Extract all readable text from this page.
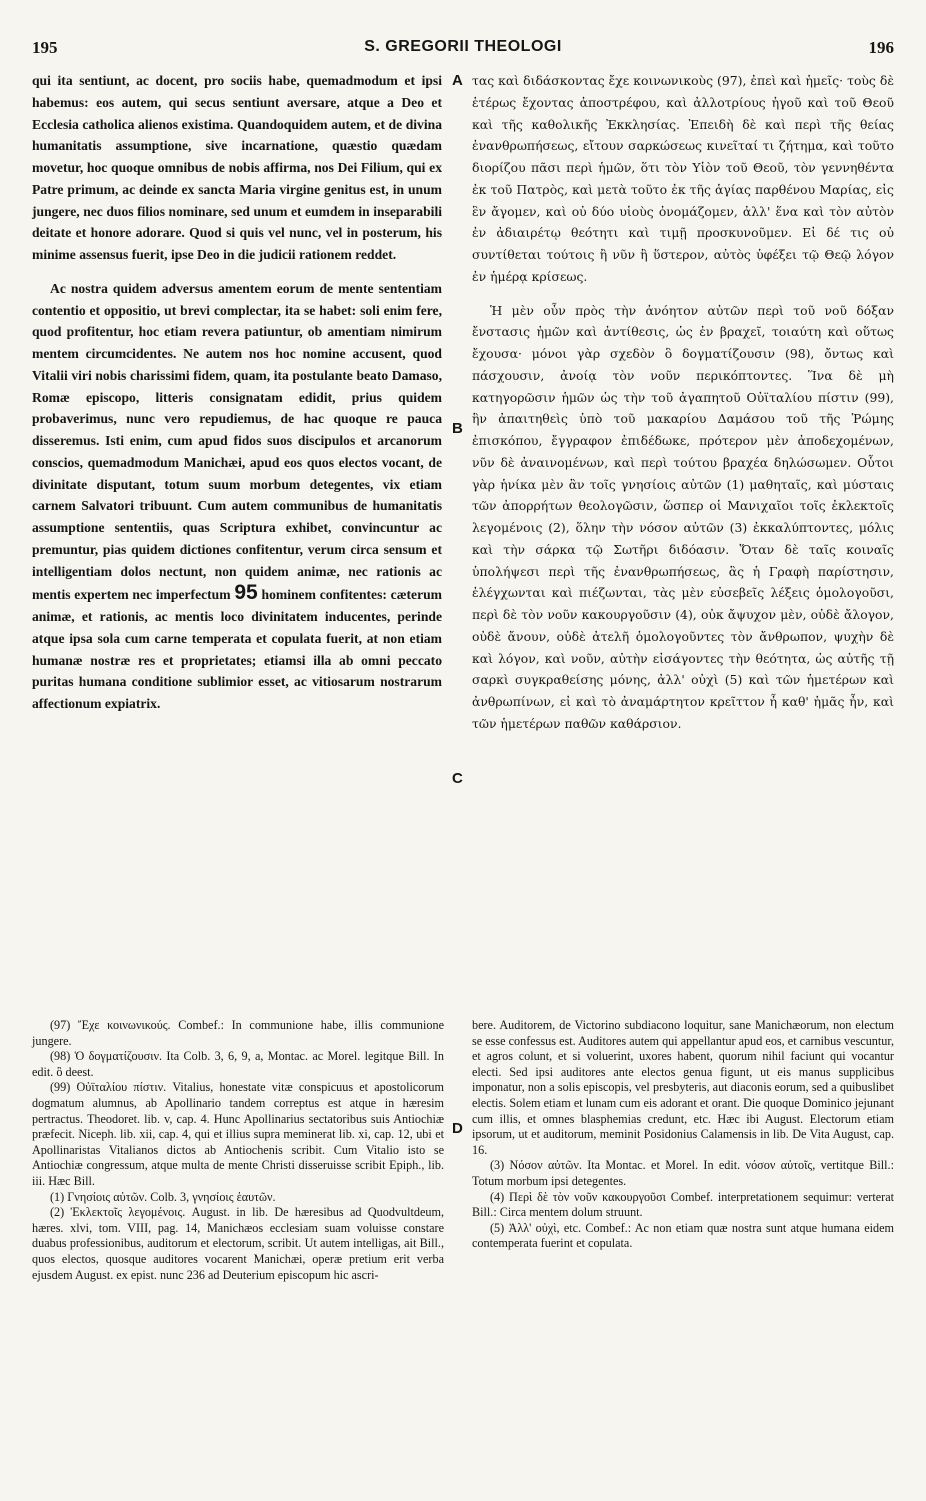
195	S. GREGORII THEOLOGI	196

qui ita sentiunt, ac docent, pro sociis habe, quemadmodum et ipsi habemus: eos autem, qui secus sentiunt aversare, atque a Deo et Ecclesia catholica alienos existima. Quandoquidem autem, et de divina humanitatis assumptione, sive incarnatione, quæstio quædam movetur, hoc quoque omnibus de nobis affirma, nos Dei Filium, qui ex Patre primum, ac deinde ex sancta Maria virgine genitus est, in unum jungere, nec duos filios nominare, sed unum et eumdem in inseparabili deitate et honore adorare. Quod si quis vel nunc, vel in posterum, his minime assensus fuerit, ipse Deo in die judicii rationem reddet.

Ac nostra quidem adversus amentem eorum de mente sententiam contentio et oppositio, ut brevi complectar, ita se habet: soli enim fere, quod profitentur, hoc etiam revera patiuntur, ob amentiam nimirum mentem circumcidentes. Ne autem nos hoc nomine accusent, quod Vitalii viri nobis charissimi fidem, quam, ita postulante beato Damaso, Romæ episcopo, litteris consignatam edidit, prius quidem probaverimus, nunc vero repudiemus, de hac quoque re pauca disseremus. Isti enim, cum apud fidos suos discipulos et arcanorum conscios, quemadmodum Manichæi, apud eos quos electos vocant, de divinitate disputant, totum suum morbum detegentes, vix etiam carnem Salvatori tribuunt. Cum autem communibus de humanitatis assumptione sententiis, quas Scriptura exhibet, convincuntur ac premuntur, pias quidem dictiones confitentur, verum circa sensum et intelligentiam dolos nectunt, non quidem animæ, nec rationis ac mentis expertem nec imperfectum 95 hominem confitentes: cæterum animæ, et rationis, ac mentis loco divinitatem inducentes, perinde atque ipsa sola cum carne temperata et copulata fuerit, at non etiam humanæ nostræ res et proprietates; etiamsi illa ab omni peccato puritas humana conditione sublimior esset, ac vitiosarum nostrarum affectionum expiatrix.

A
B
C
D

τας καὶ διδάσκοντας ἔχε κοινωνικοὺς (97), ἐπεὶ καὶ ἡμεῖς· τοὺς δὲ ἑτέρως ἔχοντας ἀποστρέφου, καὶ ἀλλοτρίους ἡγοῦ καὶ τοῦ Θεοῦ καὶ τῆς καθολικῆς Ἐκκλησίας. Ἐπειδὴ δὲ καὶ περὶ τῆς θείας ἐνανθρωπήσεως, εἴτουν σαρκώσεως κινεῖταί τι ζήτημα, καὶ τοῦτο διορίζου πᾶσι περὶ ἡμῶν, ὅτι τὸν Υἱὸν τοῦ Θεοῦ, τὸν γεννηθέντα ἐκ τοῦ Πατρὸς, καὶ μετὰ τοῦτο ἐκ τῆς ἁγίας παρθένου Μαρίας, εἰς ἓν ἄγομεν, καὶ οὐ δύο υἱοὺς ὀνομάζομεν, ἀλλ' ἕνα καὶ τὸν αὐτὸν ἐν ἀδιαιρέτῳ θεότητι καὶ τιμῇ προσκυνοῦμεν. Εἰ δέ τις οὐ συντίθεται τούτοις ἢ νῦν ἢ ὕστερον, αὐτὸς ὑφέξει τῷ Θεῷ λόγον ἐν ἡμέρᾳ κρίσεως.

Ἡ μὲν οὖν πρὸς τὴν ἀνόητον αὐτῶν περὶ τοῦ νοῦ δόξαν ἔνστασις ἡμῶν καὶ ἀντίθεσις, ὡς ἐν βραχεῖ, τοιαύτη καὶ οὕτως ἔχουσα· μόνοι γὰρ σχεδὸν ὃ δογματίζουσιν (98), ὄντως καὶ πάσχουσιν, ἀνοίᾳ τὸν νοῦν περικόπτοντες. Ἵνα δὲ μὴ κατηγορῶσιν ἡμῶν ὡς τὴν τοῦ ἀγαπητοῦ Οὐϊταλίου πίστιν (99), ἣν ἀπαιτηθεὶς ὑπὸ τοῦ μακαρίου Δαμάσου τοῦ τῆς Ῥώμης ἐπισκόπου, ἔγγραφον ἐπιδέδωκε, πρότερον μὲν ἀποδεχομένων, νῦν δὲ ἀναινομένων, καὶ περὶ τούτου βραχέα δηλώσωμεν. Οὗτοι γὰρ ἡνίκα μὲν ἂν τοῖς γνησίοις αὐτῶν (1) μαθηταῖς, καὶ μύσταις τῶν ἀπορρήτων θεολογῶσιν, ὥσπερ οἱ Μανιχαῖοι τοῖς ἐκλεκτοῖς λεγομένοις (2), ὅλην τὴν νόσον αὐτῶν (3) ἐκκαλύπτοντες, μόλις καὶ τὴν σάρκα τῷ Σωτῆρι διδόασιν. Ὅταν δὲ ταῖς κοιναῖς ὑπολήψεσι περὶ τῆς ἐνανθρωπήσεως, ἃς ἡ Γραφὴ παρίστησιν, ἐλέγχωνται καὶ πιέζωνται, τὰς μὲν εὐσεβεῖς λέξεις ὁμολογοῦσι, περὶ δὲ τὸν νοῦν κακουργοῦσιν (4), οὐκ ἄψυχον μὲν, οὐδὲ ἄλογον, οὐδὲ ἄνουν, οὐδὲ ἀτελῆ ὁμολογοῦντες τὸν ἄνθρωπον, ψυχὴν δὲ καὶ λόγον, καὶ νοῦν, αὐτὴν εἰσάγοντες τὴν θεότητα, ὡς αὐτῆς τῇ σαρκὶ συγκραθείσης μόνης, ἀλλ' οὐχὶ (5) καὶ τῶν ἡμετέρων καὶ ἀνθρωπίνων, εἰ καὶ τὸ ἀναμάρτητον κρεῖττον ἦ καθ' ἡμᾶς ἦν, καὶ τῶν ἡμετέρων παθῶν καθάρσιον.

(97) Ἔχε κοινωνικούς. Combef.: In communione habe, illis communione jungere.

(98) Ὁ δογματίζουσιν. Ita Colb. 3, 6, 9, a, Montac. ac Morel. legitque Bill. In edit. ὃ deest.

(99) Οὐϊταλίου πίστιν. Vitalius, honestate vitæ conspicuus et apostolicorum dogmatum alumnus, ab Apollinario tandem correptus est atque in hæresim pertractus. Theodoret. lib. v, cap. 4. Hunc Apollinarius sectatoribus suis Antiochiæ præfecit. Niceph. lib. xii, cap. 4, qui et illius supra meminerat lib. xi, cap. 12, ubi et Apollinaristas Vitalianos dictos ab Antiochenis scribit. Cum Vitalio isto se Antiochiæ congressum, atque multa de mente Christi disseruisse scribit Epiph., lib. iii. Hæc Bill.

(1) Γνησίοις αὐτῶν. Colb. 3, γνησίοις ἑαυτῶν.

(2) Ἐκλεκτοῖς λεγομένοις. August. in lib. De hæresibus ad Quodvultdeum, hæres. xlvi, tom. VIII, pag. 14, Manichæos ecclesiam suam voluisse constare duabus professionibus, auditorum et electorum, scribit. Ut autem intelligas, ait Bill., quos electos, quosque auditores vocarent Manichæi, operæ pretium erit verba ejusdem August. ex epist. nunc 236 ad Deuterium episcopum hic ascri-

bere. Auditorem, de Victorino subdiacono loquitur, sane Manichæorum, non electum se esse confessus est. Auditores autem qui appellantur apud eos, et carnibus vescuntur, et agros colunt, et si voluerint, uxores habent, quorum nihil faciunt qui vocantur electi. Sed ipsi auditores ante electos genua figunt, ut eis manus supplicibus imponatur, non a solis episcopis, vel presbyteris, aut diaconis eorum, sed a quibuslibet electis. Solem etiam et lunam cum eis adorant et orant. Die quoque Dominico jejunant cum illis, et omnes blasphemias credunt, etc. Hæc ibi August. Electorum etiam ipsorum, ut et auditorum, meminit Posidonius Calamensis in lib. De Vita August, cap. 16.

(3) Νόσον αὐτῶν. Ita Montac. et Morel. In edit. νόσον αὐτοῖς, vertitque Bill.: Totum morbum ipsi detegentes.

(4) Περὶ δὲ τὸν νοῦν κακουργοῦσι Combef. interpretationem sequimur: verterat Bill.: Circa mentem dolum struunt.

(5) Ἀλλ' οὐχὶ, etc. Combef.: Ac non etiam quæ nostra sunt atque humana eidem contemperata fuerint et copulata.
